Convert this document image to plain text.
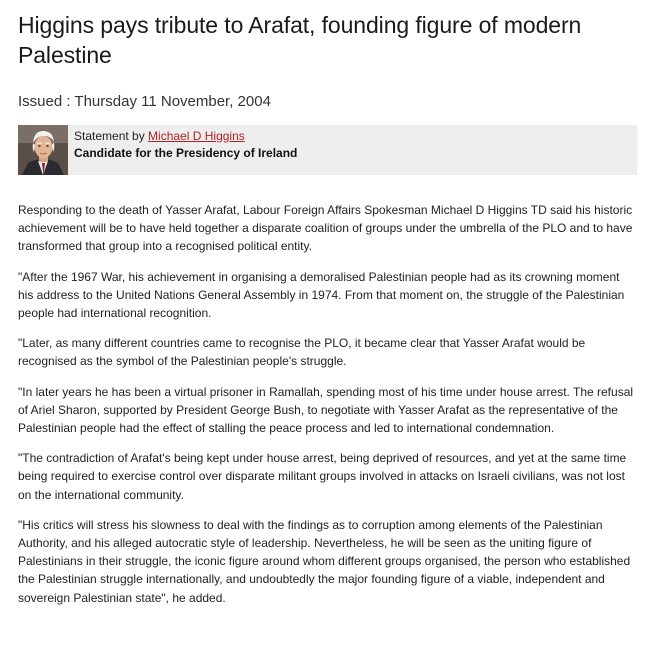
Higgins pays tribute to Arafat, founding figure of modern Palestine
Issued : Thursday 11 November, 2004
Statement by Michael D Higgins
Candidate for the Presidency of Ireland

Responding to the death of Yasser Arafat, Labour Foreign Affairs Spokesman Michael D Higgins TD said his historic achievement will be to have held together a disparate coalition of groups under the umbrella of the PLO and to have transformed that group into a recognised political entity.

"After the 1967 War, his achievement in organising a demoralised Palestinian people had as its crowning moment his address to the United Nations General Assembly in 1974. From that moment on, the struggle of the Palestinian people had international recognition.

"Later, as many different countries came to recognise the PLO, it became clear that Yasser Arafat would be recognised as the symbol of the Palestinian people's struggle.

"In later years he has been a virtual prisoner in Ramallah, spending most of his time under house arrest. The refusal of Ariel Sharon, supported by President George Bush, to negotiate with Yasser Arafat as the representative of the Palestinian people had the effect of stalling the peace process and led to international condemnation.

"The contradiction of Arafat's being kept under house arrest, being deprived of resources, and yet at the same time being required to exercise control over disparate militant groups involved in attacks on Israeli civilians, was not lost on the international community.

"His critics will stress his slowness to deal with the findings as to corruption among elements of the Palestinian Authority, and his alleged autocratic style of leadership. Nevertheless, he will be seen as the uniting figure of Palestinians in their struggle, the iconic figure around whom different groups organised, the person who established the Palestinian struggle internationally, and undoubtedly the major founding figure of a viable, independent and sovereign Palestinian state", he added.
